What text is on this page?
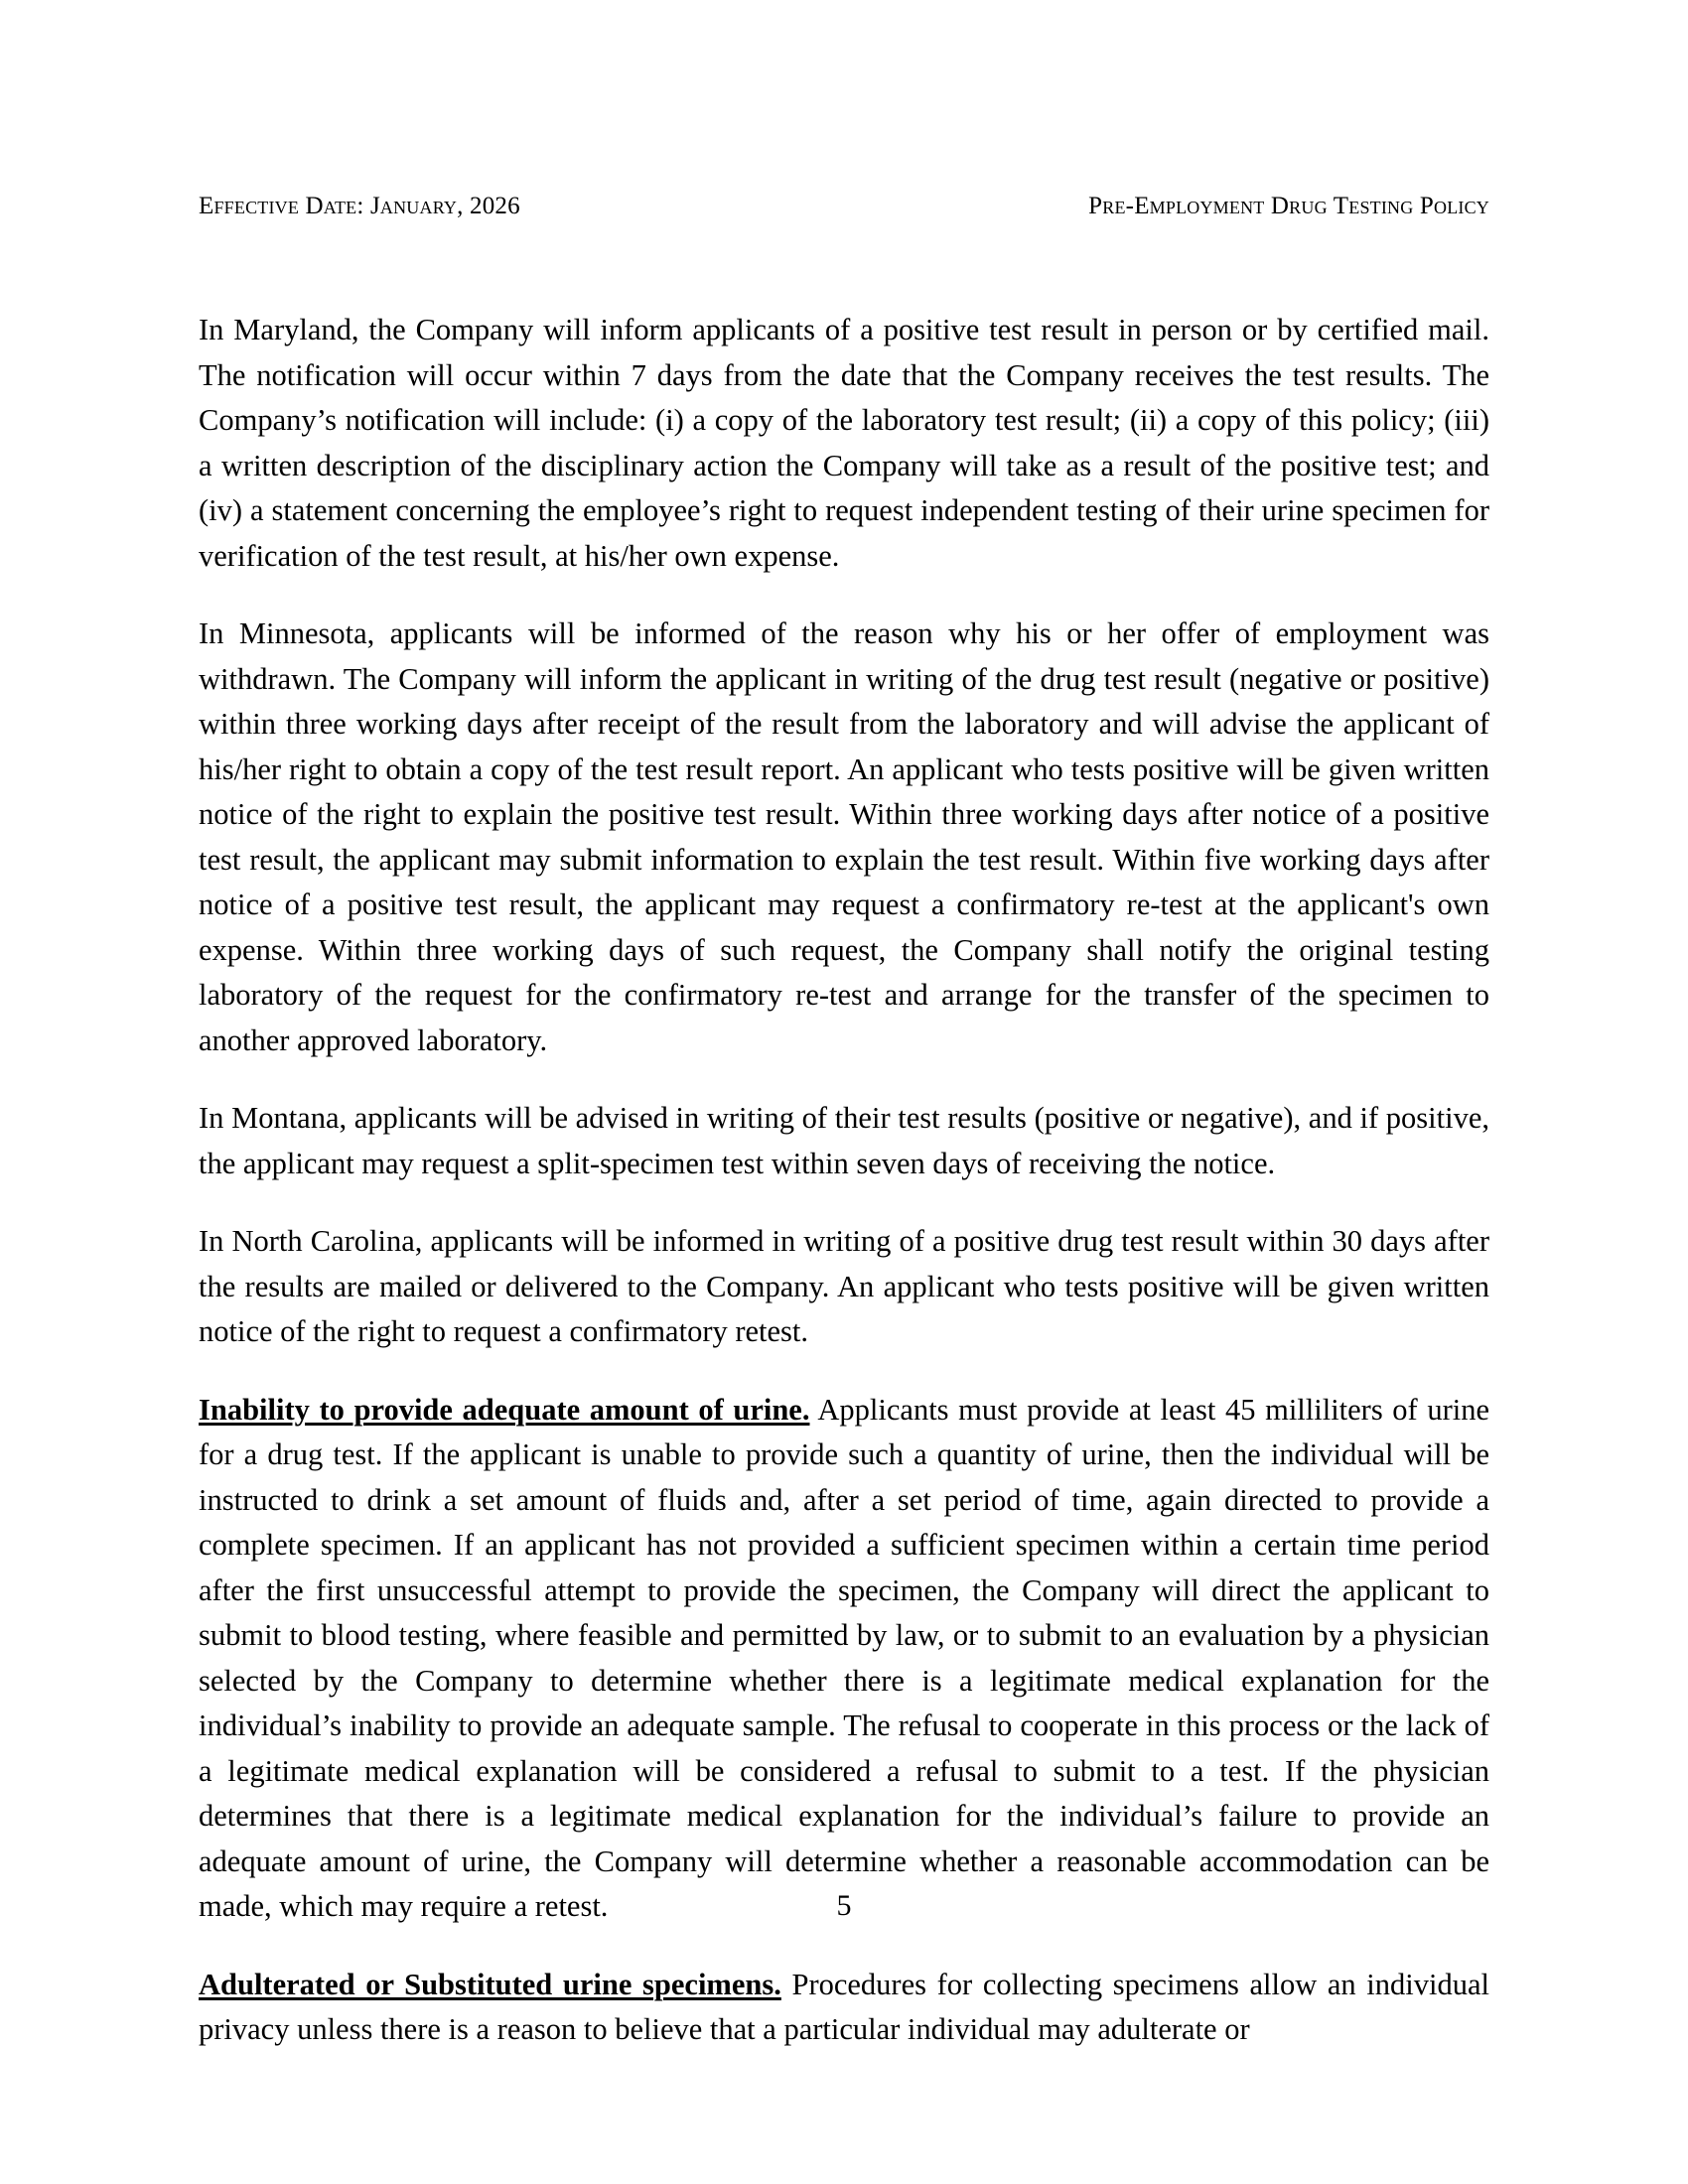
Effective Date: January, 2026	Pre-Employment Drug Testing Policy

In Maryland, the Company will inform applicants of a positive test result in person or by certified mail. The notification will occur within 7 days from the date that the Company receives the test results. The Company’s notification will include: (i) a copy of the laboratory test result; (ii) a copy of this policy; (iii) a written description of the disciplinary action the Company will take as a result of the positive test; and (iv) a statement concerning the employee’s right to request independent testing of their urine specimen for verification of the test result, at his/her own expense.

In Minnesota, applicants will be informed of the reason why his or her offer of employment was withdrawn. The Company will inform the applicant in writing of the drug test result (negative or positive) within three working days after receipt of the result from the laboratory and will advise the applicant of his/her right to obtain a copy of the test result report. An applicant who tests positive will be given written notice of the right to explain the positive test result. Within three working days after notice of a positive test result, the applicant may submit information to explain the test result. Within five working days after notice of a positive test result, the applicant may request a confirmatory re-test at the applicant's own expense. Within three working days of such request, the Company shall notify the original testing laboratory of the request for the confirmatory re-test and arrange for the transfer of the specimen to another approved laboratory.

In Montana, applicants will be advised in writing of their test results (positive or negative), and if positive, the applicant may request a split-specimen test within seven days of receiving the notice.

In North Carolina, applicants will be informed in writing of a positive drug test result within 30 days after the results are mailed or delivered to the Company. An applicant who tests positive will be given written notice of the right to request a confirmatory retest.

Inability to provide adequate amount of urine. Applicants must provide at least 45 milliliters of urine for a drug test. If the applicant is unable to provide such a quantity of urine, then the individual will be instructed to drink a set amount of fluids and, after a set period of time, again directed to provide a complete specimen. If an applicant has not provided a sufficient specimen within a certain time period after the first unsuccessful attempt to provide the specimen, the Company will direct the applicant to submit to blood testing, where feasible and permitted by law, or to submit to an evaluation by a physician selected by the Company to determine whether there is a legitimate medical explanation for the individual’s inability to provide an adequate sample. The refusal to cooperate in this process or the lack of a legitimate medical explanation will be considered a refusal to submit to a test. If the physician determines that there is a legitimate medical explanation for the individual’s failure to provide an adequate amount of urine, the Company will determine whether a reasonable accommodation can be made, which may require a retest.

Adulterated or Substituted urine specimens. Procedures for collecting specimens allow an individual privacy unless there is a reason to believe that a particular individual may adulterate or

5
